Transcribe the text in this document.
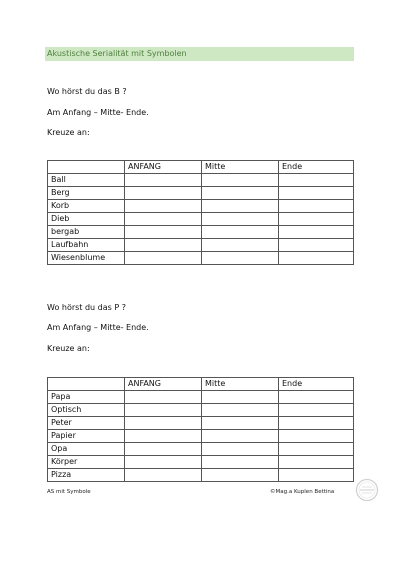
Akustische Serialität mit Symbolen
Wo hörst du das B ?
Am Anfang – Mitte- Ende.
Kreuze an:
	ANFANG	Mitte	Ende
Ball			
Berg			
Korb			
Dieb			
bergab			
Laufbahn			
Wiesenblume			
Wo hörst du das P ?
Am Anfang – Mitte- Ende.
Kreuze an:
	ANFANG	Mitte	Ende
Papa			
Optisch			
Peter			
Papier			
Opa			
Körper			
Pizza			
AS mit Symbole	©Mag.a Kuplen Bettina
